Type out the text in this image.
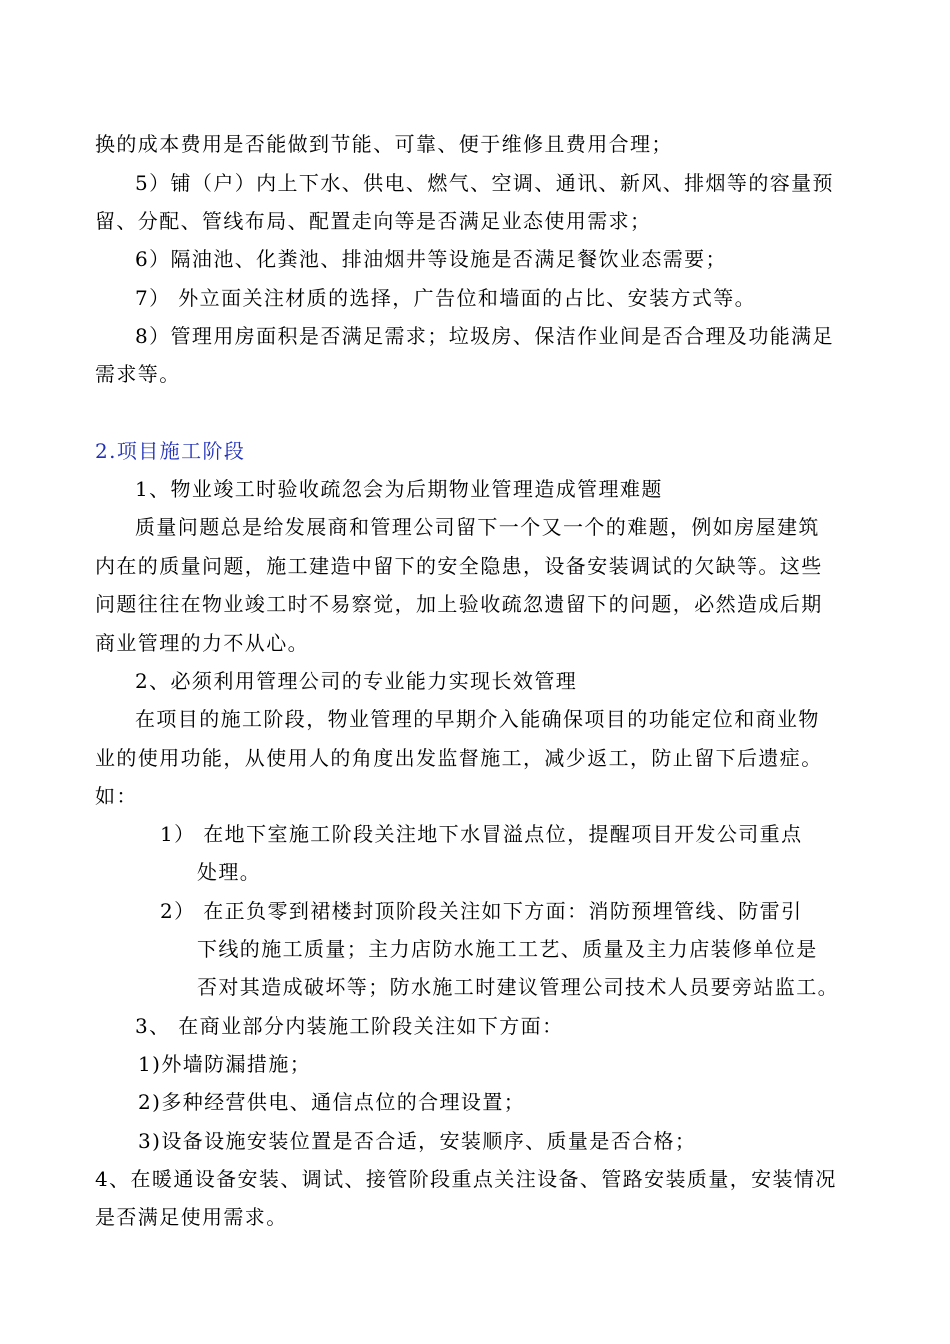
换的成本费用是否能做到节能、可靠、便于维修且费用合理；
5）铺（户）内上下水、供电、燃气、空调、通讯、新风、排烟等的容量预
留、分配、管线布局、配置走向等是否满足业态使用需求；
6）隔油池、化粪池、排油烟井等设施是否满足餐饮业态需要；
7） 外立面关注材质的选择，广告位和墙面的占比、安装方式等。
8）管理用房面积是否满足需求；垃圾房、保洁作业间是否合理及功能满足
需求等。
2.项目施工阶段
1、物业竣工时验收疏忽会为后期物业管理造成管理难题
质量问题总是给发展商和管理公司留下一个又一个的难题，例如房屋建筑
内在的质量问题，施工建造中留下的安全隐患，设备安装调试的欠缺等。这些
问题往往在物业竣工时不易察觉，加上验收疏忽遗留下的问题，必然造成后期
商业管理的力不从心。
2、必须利用管理公司的专业能力实现长效管理
在项目的施工阶段，物业管理的早期介入能确保项目的功能定位和商业物
业的使用功能，从使用人的角度出发监督施工，减少返工，防止留下后遗症。
如：
1） 在地下室施工阶段关注地下水冒溢点位，提醒项目开发公司重点
处理。
2） 在正负零到裙楼封顶阶段关注如下方面：消防预埋管线、防雷引
下线的施工质量；主力店防水施工工艺、质量及主力店装修单位是
否对其造成破坏等；防水施工时建议管理公司技术人员要旁站监工。
3、 在商业部分内装施工阶段关注如下方面：
1)外墙防漏措施；
2)多种经营供电、通信点位的合理设置；
3)设备设施安装位置是否合适，安装顺序、质量是否合格；
4、在暖通设备安装、调试、接管阶段重点关注设备、管路安装质量，安装情况
是否满足使用需求。
